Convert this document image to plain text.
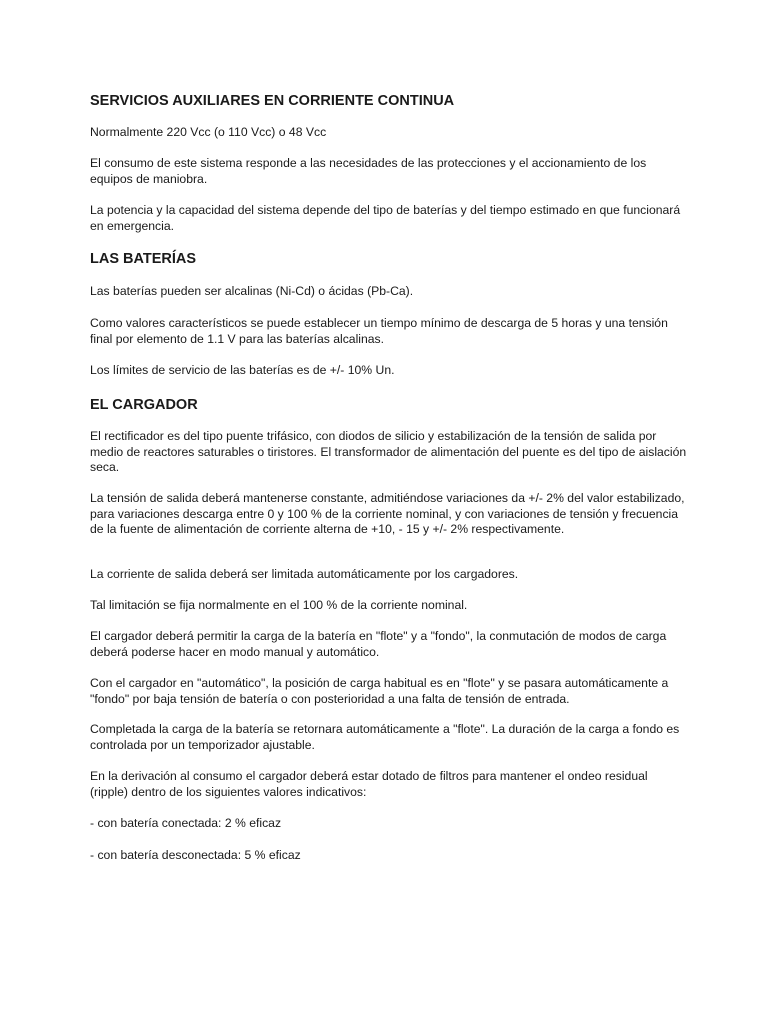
SERVICIOS AUXILIARES EN CORRIENTE CONTINUA

Normalmente 220 Vcc (o 110 Vcc) o 48 Vcc

El consumo de este sistema responde a las necesidades de las protecciones y el accionamiento de los equipos de maniobra.

La potencia y la capacidad del sistema depende del tipo de baterías y del tiempo estimado en que funcionará en emergencia.

LAS BATERÍAS

Las baterías pueden ser alcalinas (Ni-Cd) o ácidas (Pb-Ca).

Como valores característicos se puede establecer un tiempo mínimo de descarga de 5 horas y una tensión final por elemento de 1.1 V para las baterías alcalinas.

Los límites de servicio de las baterías es de +/- 10% Un.

EL CARGADOR

El rectificador es del tipo puente trifásico, con diodos de silicio y estabilización de la tensión de salida por medio de reactores saturables o tiristores. El transformador de alimentación del puente es del tipo de aislación seca.

La tensión de salida deberá mantenerse constante, admitiéndose variaciones da +/- 2% del valor estabilizado, para variaciones descarga entre 0 y 100 % de la corriente nominal, y con variaciones de tensión y frecuencia de la fuente de alimentación de corriente alterna de +10, - 15 y +/- 2% respectivamente.

La corriente de salida deberá ser limitada automáticamente por los cargadores.

Tal limitación se fija normalmente en el 100 % de la corriente nominal.

El cargador deberá permitir la carga de la batería en "flote" y a "fondo", la conmutación de modos de carga deberá poderse hacer en modo manual y automático.

Con el cargador en "automático", la posición de carga habitual es en "flote" y se pasara automáticamente a "fondo" por baja tensión de batería o con posterioridad a una falta de tensión de entrada.

Completada la carga de la batería se retornara automáticamente a "flote". La duración de la carga a fondo es controlada por un temporizador ajustable.

En la derivación al consumo el cargador deberá estar dotado de filtros para mantener el ondeo residual (ripple) dentro de los siguientes valores indicativos:

- con batería conectada: 2 % eficaz

- con batería desconectada: 5 % eficaz
